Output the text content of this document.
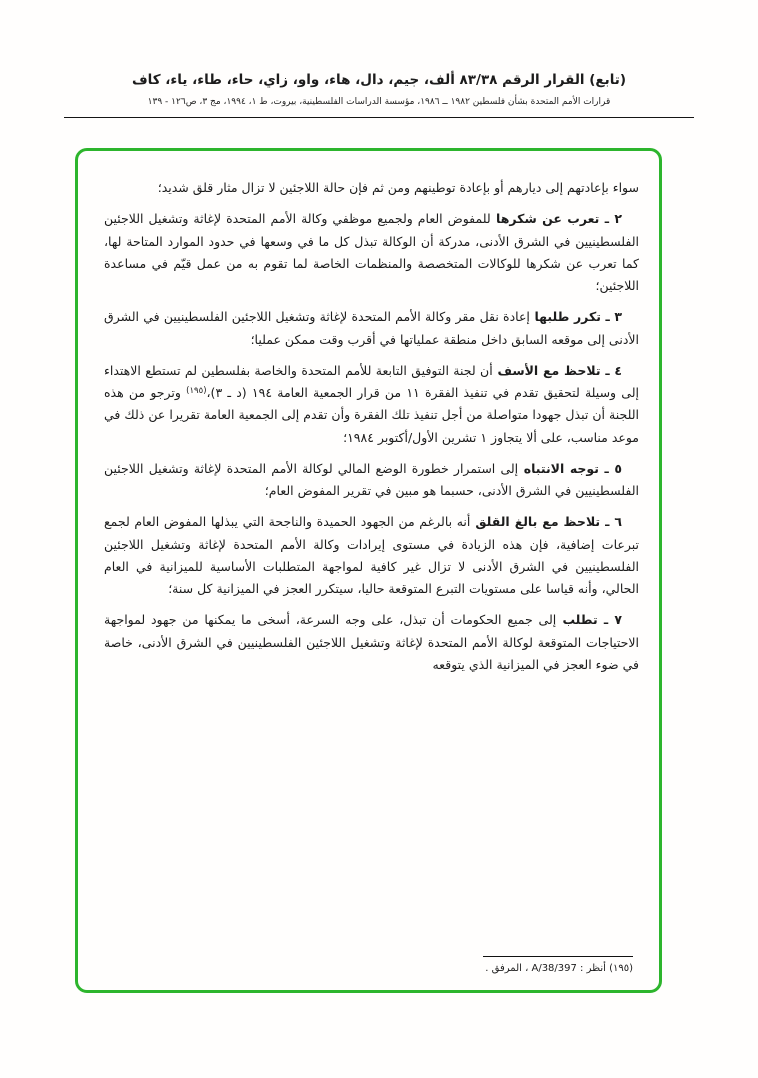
(تابع) القرار الرقم ٨٣/٣٨ ألف، جيم، دال، هاء، واو، زاي، حاء، طاء، ياء، كاف
قرارات الأمم المتحدة بشأن فلسطين ١٩٨٢ ــ ١٩٨٦، مؤسسة الدراسات الفلسطينية، بيروت، ط ١، ١٩٩٤، مج ٣، ص١٢٦ - ١٣٩

سواء بإعادتهم إلى ديارهم أو بإعادة توطينهم ومن ثم فإن حالة اللاجئين لا تزال مثار قلق شديد؛

٢ ـ تعرب عن شكرها للمفوض العام ولجميع موظفي وكالة الأمم المتحدة لإغاثة وتشغيل اللاجئين الفلسطينيين في الشرق الأدنى، مدركة أن الوكالة تبذل كل ما في وسعها في حدود الموارد المتاحة لها، كما تعرب عن شكرها للوكالات المتخصصة والمنظمات الخاصة لما تقوم به من عمل قيّم في مساعدة اللاجئين؛

٣ ـ تكرر طلبها إعادة نقل مقر وكالة الأمم المتحدة لإغاثة وتشغيل اللاجئين الفلسطينيين في الشرق الأدنى إلى موقعه السابق داخل منطقة عملياتها في أقرب وقت ممكن عمليا؛

٤ ـ تلاحظ مع الأسف أن لجنة التوفيق التابعة للأمم المتحدة والخاصة بفلسطين لم تستطع الاهتداء إلى وسيلة لتحقيق تقدم في تنفيذ الفقرة ١١ من قرار الجمعية العامة ١٩٤ (د ـ ٣)،$^{(١٩٥)}$ وترجو من هذه اللجنة أن تبذل جهودا متواصلة من أجل تنفيذ تلك الفقرة وأن تقدم إلى الجمعية العامة تقريرا عن ذلك في موعد مناسب، على ألا يتجاوز ١ تشرين الأول/أكتوبر ١٩٨٤؛

٥ ـ توجه الانتباه إلى استمرار خطورة الوضع المالي لوكالة الأمم المتحدة لإغاثة وتشغيل اللاجئين الفلسطينيين في الشرق الأدنى، حسبما هو مبين في تقرير المفوض العام؛

٦ ـ تلاحظ مع بالغ القلق أنه بالرغم من الجهود الحميدة والناجحة التي يبذلها المفوض العام لجمع تبرعات إضافية، فإن هذه الزيادة في مستوى إيرادات وكالة الأمم المتحدة لإغاثة وتشغيل اللاجئين الفلسطينيين في الشرق الأدنى لا تزال غير كافية لمواجهة المتطلبات الأساسية للميزانية في العام الحالي، وأنه قياسا على مستويات التبرع المتوقعة حاليا، سيتكرر العجز في الميزانية كل سنة؛

٧ ـ تطلب إلى جميع الحكومات أن تبذل، على وجه السرعة، أسخى ما يمكنها من جهود لمواجهة الاحتياجات المتوقعة لوكالة الأمم المتحدة لإغاثة وتشغيل اللاجئين الفلسطينيين في الشرق الأدنى، خاصة في ضوء العجز في الميزانية الذي يتوقعه

(١٩٥) أنظر : A/38/397 ، المرفق .
